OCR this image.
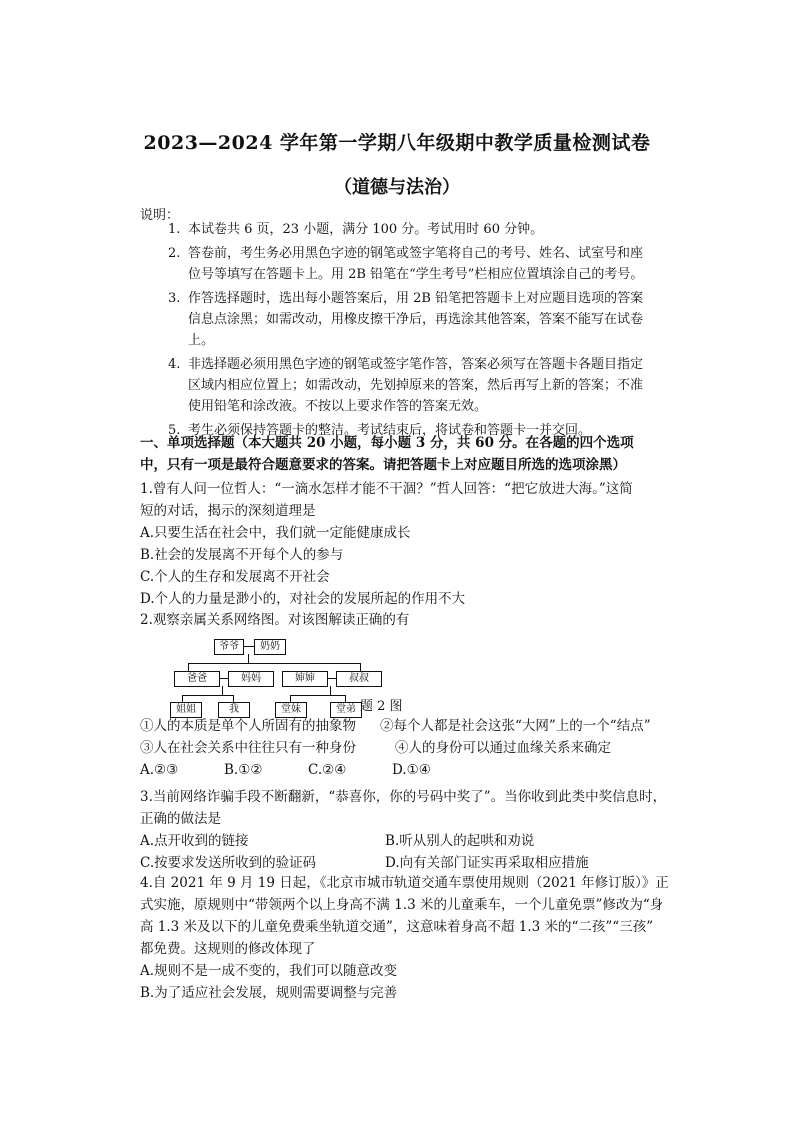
2023—2024 学年第一学期八年级期中教学质量检测试卷
（道德与法治）
说明：
1. 本试卷共 6 页，23 小题，满分 100 分。考试用时 60 分钟。
2. 答卷前，考生务必用黑色字迹的钢笔或签字笔将自己的考号、姓名、试室号和座位号等填写在答题卡上。用 2B 铅笔在“学生考号”栏相应位置填涂自己的考号。
3. 作答选择题时，选出每小题答案后，用 2B 铅笔把答题卡上对应题目选项的答案信息点涂黑；如需改动，用橡皮擦干净后，再选涂其他答案，答案不能写在试卷上。
4. 非选择题必须用黑色字迹的钢笔或签字笔作答，答案必须写在答题卡各题目指定区域内相应位置上；如需改动，先划掉原来的答案，然后再写上新的答案；不准使用铅笔和涂改液。不按以上要求作答的答案无效。
5. 考生必须保持答题卡的整洁。考试结束后，将试卷和答题卡一并交回。
一、单项选择题（本大题共 20 小题，每小题 3 分，共 60 分。在各题的四个选项中，只有一项是最符合题意要求的答案。请把答题卡上对应题目所选的选项涂黑）
1.曾有人问一位哲人：“一滴水怎样才能不干涸？”哲人回答：“把它放进大海。”这简
短的对话，揭示的深刻道理是
A.只要生活在社会中，我们就一定能健康成长
B.社会的发展离不开每个人的参与
C.个人的生存和发展离不开社会
D.个人的力量是渺小的，对社会的发展所起的作用不大
2.观察亲属关系网络图。对该图解读正确的有
爷爷	奶奶
爸爸	妈妈	婶婶	叔叔
姐姐	我	堂妹	堂弟 题 2 图
①人的本质是单个人所固有的抽象物	②每个人都是社会这张“大网”上的一个“结点”
③人在社会关系中往往只有一种身份	④人的身份可以通过血缘关系来确定
A.②③	B.①②	C.②④	D.①④
3.当前网络诈骗手段不断翻新，“恭喜你，你的号码中奖了”。当你收到此类中奖信息时，
正确的做法是
A.点开收到的链接	B.听从别人的起哄和劝说
C.按要求发送所收到的验证码	D.向有关部门证实再采取相应措施
4.自 2021 年 9 月 19 日起，《北京市城市轨道交通车票使用规则（2021 年修订版）》正
式实施，原规则中“带领两个以上身高不满 1.3 米的儿童乘车，一个儿童免票”修改为“身
高 1.3 米及以下的儿童免费乘坐轨道交通”，这意味着身高不超 1.3 米的“二孩”“三孩”
都免费。这规则的修改体现了
A.规则不是一成不变的，我们可以随意改变
B.为了适应社会发展，规则需要调整与完善
